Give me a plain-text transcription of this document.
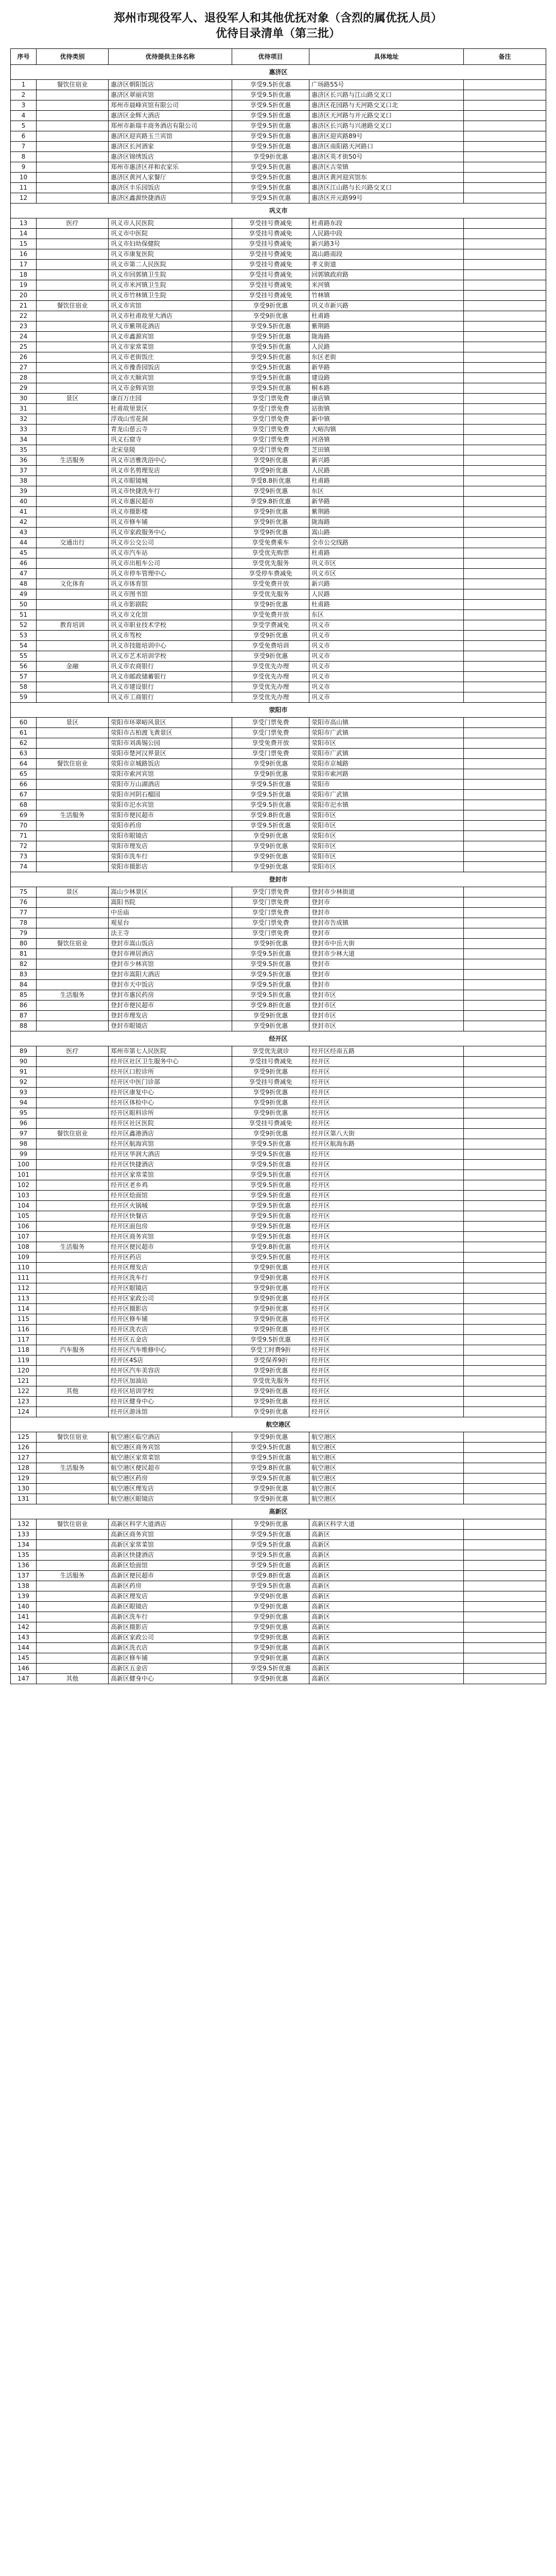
郑州市现役军人、退役军人和其他优抚对象（含烈的属优抚人员）
优待目录清单（第三批）
序号	优待类别	优待提供主体名称	优待项目	具体地址	备注
惠济区					
1	餐饮住宿业	惠济区朝阳饭店	享受9.5折优惠	广场路55号	
2		惠济区翠丽宾馆	享受9.5折优惠	惠济区长兴路与江山路交叉口	
3		郑州市晨峰宾馆有限公司	享受9.5折优惠	惠济区花园路与天河路交叉口北	
4		惠济区金辉大酒店	享受9.5折优惠	惠济区天河路与开元路交叉口	
5		郑州市新瑞丰商务酒店有限公司	享受9.5折优惠	惠济区长兴路与兴港路交叉口	
6		惠济区迎宾路玉兰宾馆	享受9.5折优惠	惠济区迎宾路89号	
7		惠济区长河酒家	享受9.5折优惠	惠济区南阳路天河路口	
8		惠济区锦绣饭店	享受9折优惠	惠济区英才街50号	
9		郑州市惠济区祥和农家乐	享受9.5折优惠	惠济区古荥镇	
10		惠济区黄河人家餐厅	享受9.5折优惠	惠济区黄河迎宾馆东	
11		惠济区丰乐园饭店	享受9.5折优惠	惠济区江山路与长兴路交叉口	
12		惠济区鑫源快捷酒店	享受9.5折优惠	惠济区开元路99号	
巩义市					
13	医疗	巩义市人民医院	享受挂号费减免	杜甫路东段	
14		巩义市中医院	享受挂号费减免	人民路中段	
15		巩义市妇幼保健院	享受挂号费减免	新兴路3号	
16		巩义市康复医院	享受挂号费减免	嵩山路南段	
17		巩义市第二人民医院	享受挂号费减免	孝义街道	
18		巩义市回郭镇卫生院	享受挂号费减免	回郭镇政府路	
19		巩义市米河镇卫生院	享受挂号费减免	米河镇	
20		巩义市竹林镇卫生院	享受挂号费减免	竹林镇	
21	餐饮住宿业	巩义市宾馆	享受9折优惠	巩义市新兴路	
22		巩义市杜甫故里大酒店	享受9折优惠	杜甫路	
23		巩义市紫荆花酒店	享受9.5折优惠	紫荆路	
24		巩义市鑫源宾馆	享受9.5折优惠	陇海路	
25		巩义市家常菜馆	享受9.5折优惠	人民路	
26		巩义市老街饭庄	享受9.5折优惠	东区老街	
27		巩义市豫香园饭店	享受9.5折优惠	新华路	
28		巩义市天顺宾馆	享受9.5折优惠	建设路	
29		巩义市金辉宾馆	享受9.5折优惠	桐本路	
30	景区	康百万庄园	享受门票免费	康店镇	
31		杜甫故里景区	享受门票免费	站街镇	
32		浮戏山雪花洞	享受门票免费	新中镇	
33		青龙山慈云寺	享受门票免费	大峪沟镇	
34		巩义石窟寺	享受门票免费	河洛镇	
35		北宋皇陵	享受门票免费	芝田镇	
36	生活服务	巩义市洁雅洗浴中心	享受9折优惠	新兴路	
37		巩义市名剪理发店	享受9折优惠	人民路	
38		巩义市眼镜城	享受8.8折优惠	杜甫路	
39		巩义市快捷洗车行	享受9折优惠	东区	
40		巩义市惠民超市	享受9.8折优惠	新华路	
41		巩义市摄影楼	享受9折优惠	紫荆路	
42		巩义市修车铺	享受9折优惠	陇海路	
43		巩义市家政服务中心	享受9折优惠	嵩山路	
44	交通出行	巩义市公交公司	享受免费乘车	全市公交线路	
45		巩义市汽车站	享受优先购票	杜甫路	
46		巩义市出租车公司	享受优先服务	巩义市区	
47		巩义市停车管理中心	享受停车费减免	巩义市区	
48	文化体育	巩义市体育馆	享受免费开放	新兴路	
49		巩义市图书馆	享受优先服务	人民路	
50		巩义市影剧院	享受9折优惠	杜甫路	
51		巩义市文化馆	享受免费开放	东区	
52	教育培训	巩义市职业技术学校	享受学费减免	巩义市	
53		巩义市驾校	享受9折优惠	巩义市	
54		巩义市技能培训中心	享受免费培训	巩义市	
55		巩义市艺术培训学校	享受9折优惠	巩义市	
56	金融	巩义市农商银行	享受优先办理	巩义市	
57		巩义市邮政储蓄银行	享受优先办理	巩义市	
58		巩义市建设银行	享受优先办理	巩义市	
59		巩义市工商银行	享受优先办理	巩义市	
荥阳市					
60	景区	荥阳市环翠峪风景区	享受门票免费	荥阳市高山镇	
61		荥阳市古柏渡飞黄景区	享受门票免费	荥阳市广武镇	
62		荥阳市刘禹锡公园	享受免费开放	荥阳市区	
63		荥阳市楚河汉界景区	享受门票免费	荥阳市广武镇	
64	餐饮住宿业	荥阳市京城路饭店	享受9折优惠	荥阳市京城路	
65		荥阳市索河宾馆	享受9折优惠	荥阳市索河路	
66		荥阳市万山湖酒店	享受9.5折优惠	荥阳市	
67		荥阳市河阴石榴园	享受9.5折优惠	荥阳市广武镇	
68		荥阳市汜水宾馆	享受9.5折优惠	荥阳市汜水镇	
69	生活服务	荥阳市便民超市	享受9.8折优惠	荥阳市区	
70		荥阳市药房	享受9.5折优惠	荥阳市区	
71		荥阳市眼镜店	享受9折优惠	荥阳市区	
72		荥阳市理发店	享受9折优惠	荥阳市区	
73		荥阳市洗车行	享受9折优惠	荥阳市区	
74		荥阳市摄影店	享受9折优惠	荥阳市区	
登封市					
75	景区	嵩山少林景区	享受门票免费	登封市少林街道	
76		嵩阳书院	享受门票免费	登封市	
77		中岳庙	享受门票免费	登封市	
78		观星台	享受门票免费	登封市告成镇	
79		法王寺	享受门票免费	登封市	
80	餐饮住宿业	登封市嵩山饭店	享受9折优惠	登封市中岳大街	
81		登封市禅居酒店	享受9.5折优惠	登封市少林大道	
82		登封市少林宾馆	享受9.5折优惠	登封市	
83		登封市嵩阳大酒店	享受9.5折优惠	登封市	
84		登封市天中饭店	享受9.5折优惠	登封市	
85	生活服务	登封市惠民药房	享受9.5折优惠	登封市区	
86		登封市便民超市	享受9.8折优惠	登封市区	
87		登封市理发店	享受9折优惠	登封市区	
88		登封市眼镜店	享受9折优惠	登封市区	
经开区					
89	医疗	郑州市第七人民医院	享受优先就诊	经开区经南五路	
90		经开区社区卫生服务中心	享受挂号费减免	经开区	
91		经开区口腔诊所	享受9折优惠	经开区	
92		经开区中医门诊部	享受挂号费减免	经开区	
93		经开区康复中心	享受9折优惠	经开区	
94		经开区体检中心	享受9折优惠	经开区	
95		经开区眼科诊所	享受9折优惠	经开区	
96		经开区社区医院	享受挂号费减免	经开区	
97	餐饮住宿业	经开区鑫港酒店	享受9折优惠	经开区第八大街	
98		经开区航海宾馆	享受9.5折优惠	经开区航海东路	
99		经开区华润大酒店	享受9.5折优惠	经开区	
100		经开区快捷酒店	享受9.5折优惠	经开区	
101		经开区家常菜馆	享受9.5折优惠	经开区	
102		经开区老乡鸡	享受9.5折优惠	经开区	
103		经开区烩面馆	享受9.5折优惠	经开区	
104		经开区火锅城	享受9.5折优惠	经开区	
105		经开区快餐店	享受9.5折优惠	经开区	
106		经开区面包房	享受9.5折优惠	经开区	
107		经开区商务宾馆	享受9.5折优惠	经开区	
108	生活服务	经开区便民超市	享受9.8折优惠	经开区	
109		经开区药店	享受9.5折优惠	经开区	
110		经开区理发店	享受9折优惠	经开区	
111		经开区洗车行	享受9折优惠	经开区	
112		经开区眼镜店	享受9折优惠	经开区	
113		经开区家政公司	享受9折优惠	经开区	
114		经开区摄影店	享受9折优惠	经开区	
115		经开区修车铺	享受9折优惠	经开区	
116		经开区洗衣店	享受9折优惠	经开区	
117		经开区五金店	享受9.5折优惠	经开区	
118	汽车服务	经开区汽车维修中心	享受工时费9折	经开区	
119		经开区4S店	享受保养9折	经开区	
120		经开区汽车美容店	享受9折优惠	经开区	
121		经开区加油站	享受优先服务	经开区	
122	其他	经开区培训学校	享受9折优惠	经开区	
123		经开区健身中心	享受9折优惠	经开区	
124		经开区游泳馆	享受9折优惠	经开区	
航空港区					
125	餐饮住宿业	航空港区临空酒店	享受9折优惠	航空港区	
126		航空港区商务宾馆	享受9.5折优惠	航空港区	
127		航空港区家常菜馆	享受9.5折优惠	航空港区	
128	生活服务	航空港区便民超市	享受9.8折优惠	航空港区	
129		航空港区药房	享受9.5折优惠	航空港区	
130		航空港区理发店	享受9折优惠	航空港区	
131		航空港区眼镜店	享受9折优惠	航空港区	
高新区					
132	餐饮住宿业	高新区科学大道酒店	享受9折优惠	高新区科学大道	
133		高新区商务宾馆	享受9.5折优惠	高新区	
134		高新区家常菜馆	享受9.5折优惠	高新区	
135		高新区快捷酒店	享受9.5折优惠	高新区	
136		高新区烩面馆	享受9.5折优惠	高新区	
137	生活服务	高新区便民超市	享受9.8折优惠	高新区	
138		高新区药房	享受9.5折优惠	高新区	
139		高新区理发店	享受9折优惠	高新区	
140		高新区眼镜店	享受9折优惠	高新区	
141		高新区洗车行	享受9折优惠	高新区	
142		高新区摄影店	享受9折优惠	高新区	
143		高新区家政公司	享受9折优惠	高新区	
144		高新区洗衣店	享受9折优惠	高新区	
145		高新区修车铺	享受9折优惠	高新区	
146		高新区五金店	享受9.5折优惠	高新区	
147	其他	高新区健身中心	享受9折优惠	高新区	
